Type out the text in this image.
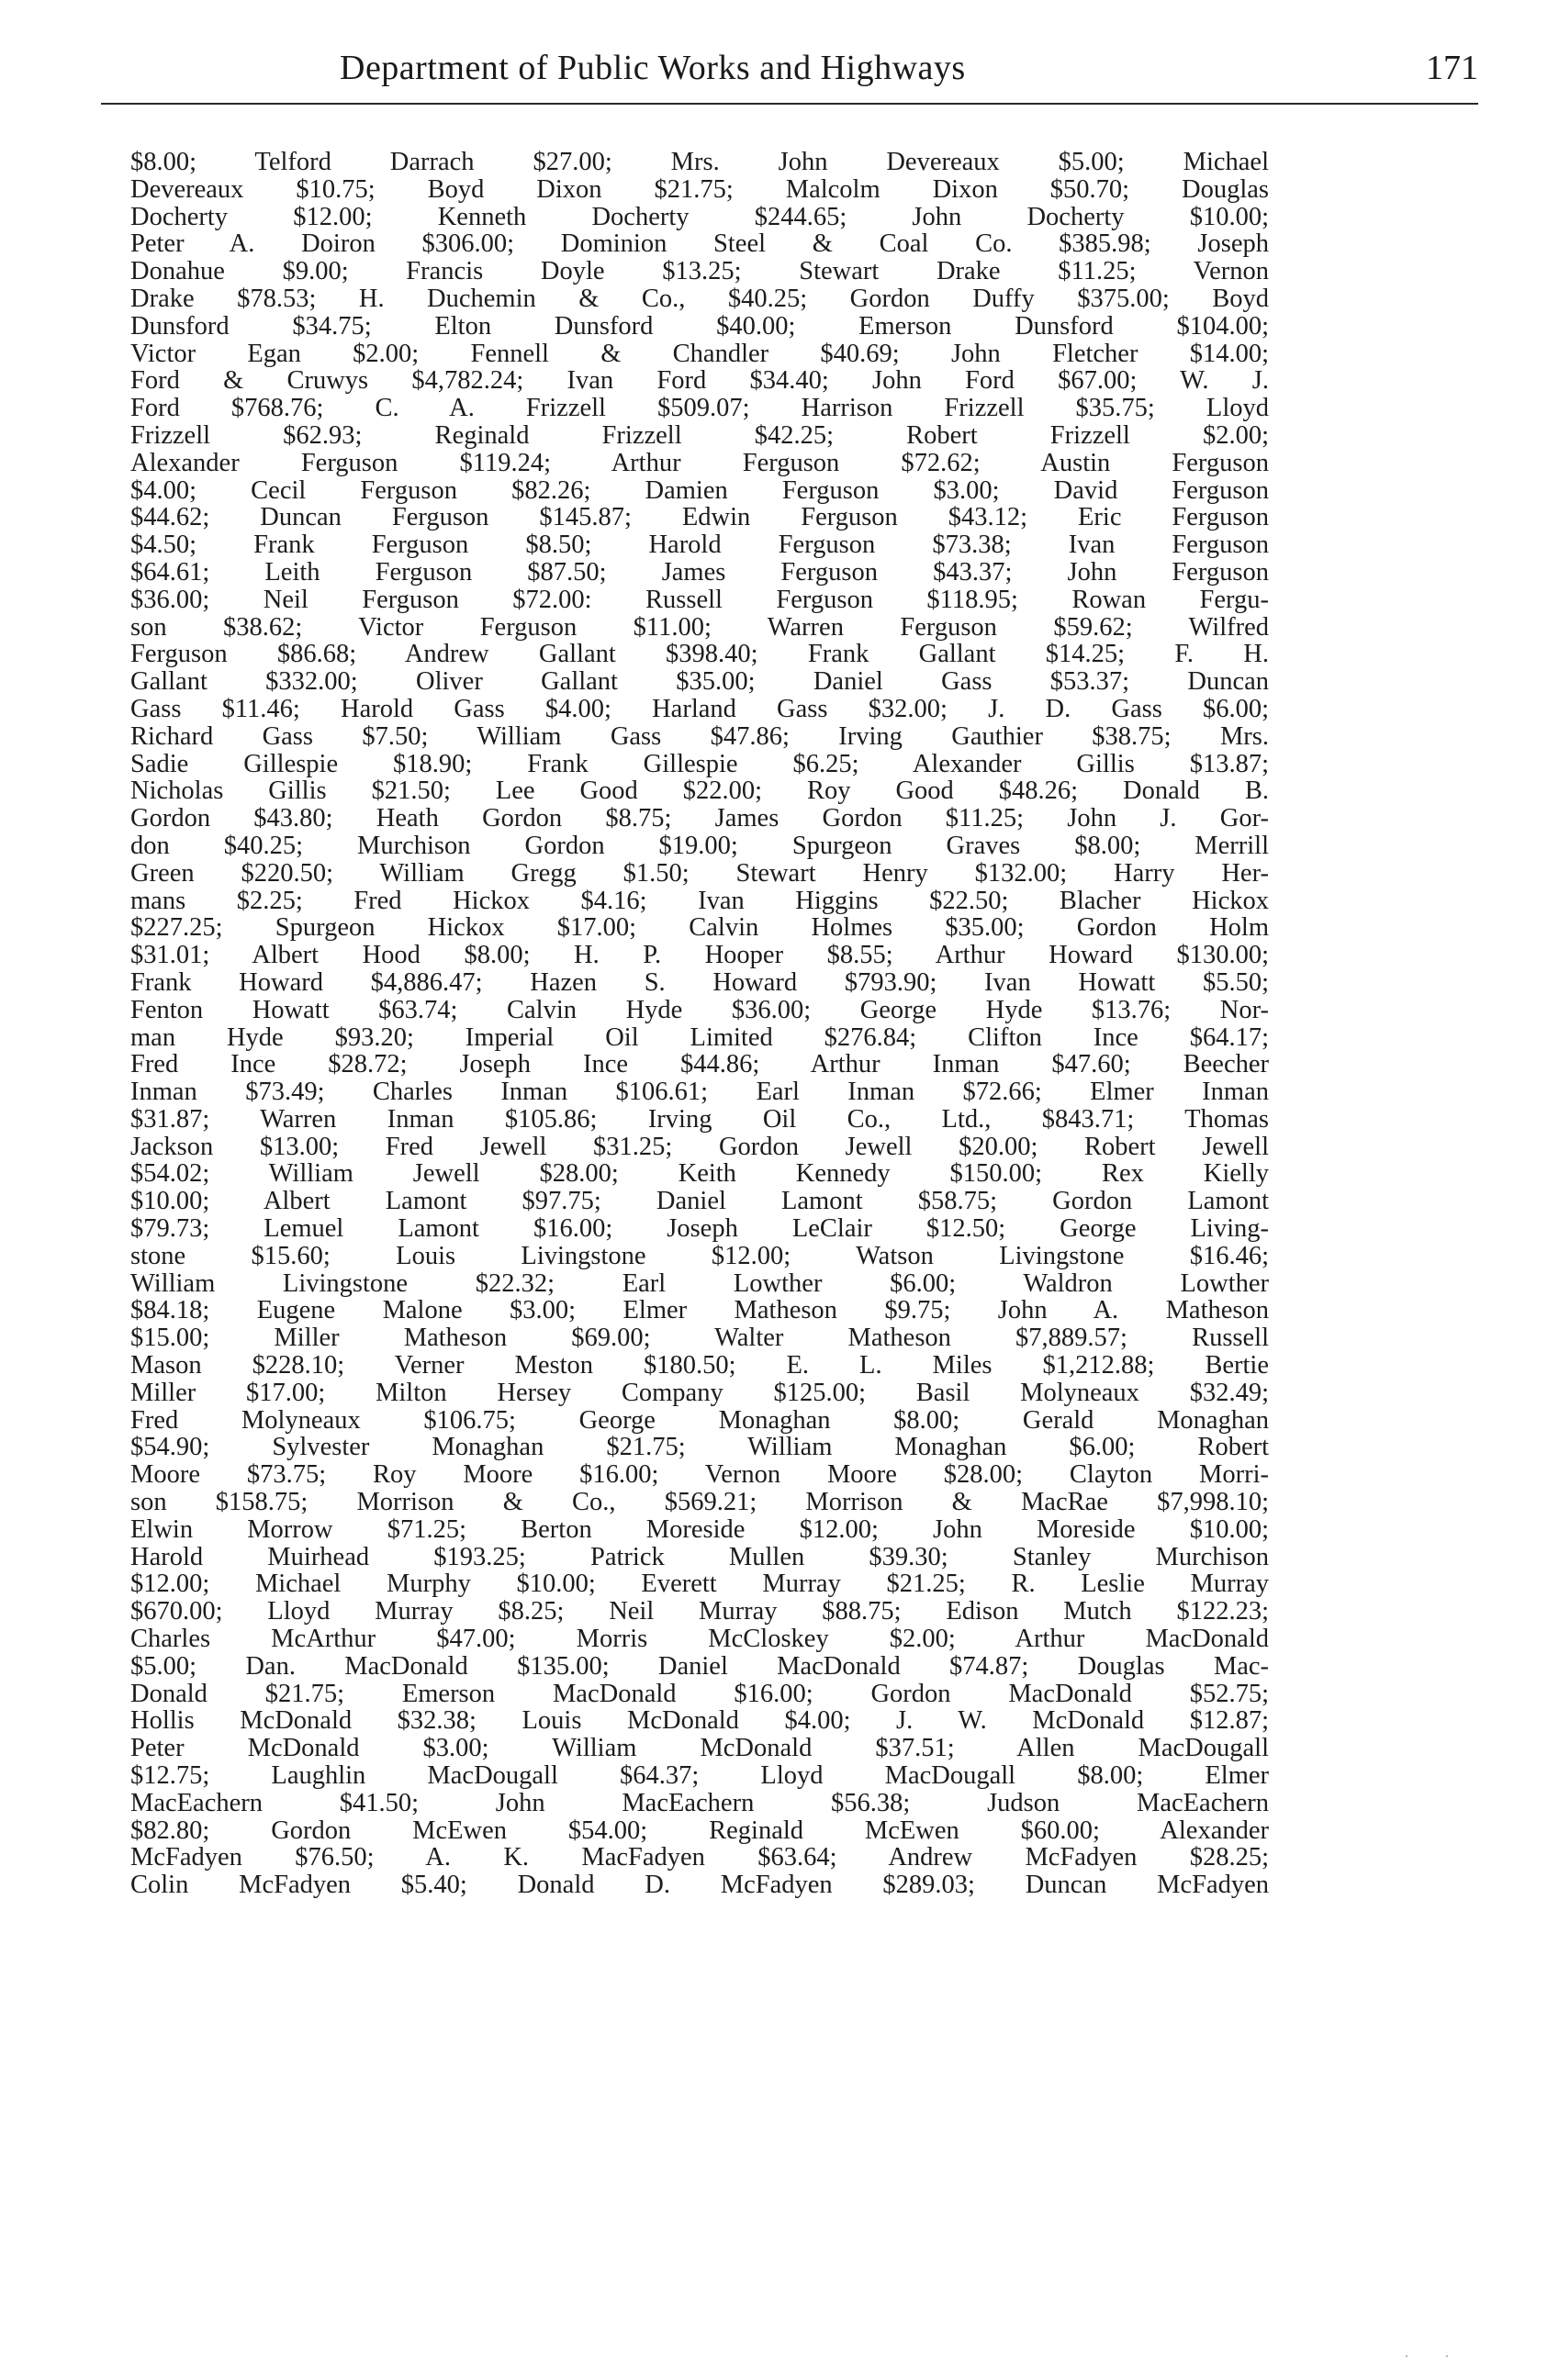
Department of Public Works and Highways	171
$8.00; Telford Darrach $27.00; Mrs. John Devereaux $5.00; Michael
Devereaux $10.75; Boyd Dixon $21.75; Malcolm Dixon $50.70; Douglas
Docherty $12.00; Kenneth Docherty $244.65; John Docherty $10.00;
Peter A. Doiron $306.00; Dominion Steel & Coal Co. $385.98; Joseph
Donahue $9.00; Francis Doyle $13.25; Stewart Drake $11.25; Vernon
Drake $78.53; H. Duchemin & Co., $40.25; Gordon Duffy $375.00; Boyd
Dunsford $34.75; Elton Dunsford $40.00; Emerson Dunsford $104.00;
Victor Egan $2.00; Fennell & Chandler $40.69; John Fletcher $14.00;
Ford & Cruwys $4,782.24; Ivan Ford $34.40; John Ford $67.00; W. J.
Ford $768.76; C. A. Frizzell $509.07; Harrison Frizzell $35.75; Lloyd
Frizzell $62.93; Reginald Frizzell $42.25; Robert Frizzell $2.00;
Alexander Ferguson $119.24; Arthur Ferguson $72.62; Austin Ferguson
$4.00; Cecil Ferguson $82.26; Damien Ferguson $3.00; David Ferguson
$44.62; Duncan Ferguson $145.87; Edwin Ferguson $43.12; Eric Ferguson
$4.50; Frank Ferguson $8.50; Harold Ferguson $73.38; Ivan Ferguson
$64.61; Leith Ferguson $87.50; James Ferguson $43.37; John Ferguson
$36.00; Neil Ferguson $72.00: Russell Ferguson $118.95; Rowan Fergu-
son $38.62; Victor Ferguson $11.00; Warren Ferguson $59.62; Wilfred
Ferguson $86.68; Andrew Gallant $398.40; Frank Gallant $14.25; F. H.
Gallant $332.00; Oliver Gallant $35.00; Daniel Gass $53.37; Duncan
Gass $11.46; Harold Gass $4.00; Harland Gass $32.00; J. D. Gass $6.00;
Richard Gass $7.50; William Gass $47.86; Irving Gauthier $38.75; Mrs.
Sadie Gillespie $18.90; Frank Gillespie $6.25; Alexander Gillis $13.87;
Nicholas Gillis $21.50; Lee Good $22.00; Roy Good $48.26; Donald B.
Gordon $43.80; Heath Gordon $8.75; James Gordon $11.25; John J. Gor-
don $40.25; Murchison Gordon $19.00; Spurgeon Graves $8.00; Merrill
Green $220.50; William Gregg $1.50; Stewart Henry $132.00; Harry Her-
mans $2.25; Fred Hickox $4.16; Ivan Higgins $22.50; Blacher Hickox
$227.25; Spurgeon Hickox $17.00; Calvin Holmes $35.00; Gordon Holm
$31.01; Albert Hood $8.00; H. P. Hooper $8.55; Arthur Howard $130.00;
Frank Howard $4,886.47; Hazen S. Howard $793.90; Ivan Howatt $5.50;
Fenton Howatt $63.74; Calvin Hyde $36.00; George Hyde $13.76; Nor-
man Hyde $93.20; Imperial Oil Limited $276.84; Clifton Ince $64.17;
Fred Ince $28.72; Joseph Ince $44.86; Arthur Inman $47.60; Beecher
Inman $73.49; Charles Inman $106.61; Earl Inman $72.66; Elmer Inman
$31.87; Warren Inman $105.86; Irving Oil Co., Ltd., $843.71; Thomas
Jackson $13.00; Fred Jewell $31.25; Gordon Jewell $20.00; Robert Jewell
$54.02; William Jewell $28.00; Keith Kennedy $150.00; Rex Kielly
$10.00; Albert Lamont $97.75; Daniel Lamont $58.75; Gordon Lamont
$79.73; Lemuel Lamont $16.00; Joseph LeClair $12.50; George Living-
stone $15.60; Louis Livingstone $12.00; Watson Livingstone $16.46;
William Livingstone $22.32; Earl Lowther $6.00; Waldron Lowther
$84.18; Eugene Malone $3.00; Elmer Matheson $9.75; John A. Matheson
$15.00; Miller Matheson $69.00; Walter Matheson $7,889.57; Russell
Mason $228.10; Verner Meston $180.50; E. L. Miles $1,212.88; Bertie
Miller $17.00; Milton Hersey Company $125.00; Basil Molyneaux $32.49;
Fred Molyneaux $106.75; George Monaghan $8.00; Gerald Monaghan
$54.90; Sylvester Monaghan $21.75; William Monaghan $6.00; Robert
Moore $73.75; Roy Moore $16.00; Vernon Moore $28.00; Clayton Morri-
son $158.75; Morrison & Co., $569.21; Morrison & MacRae $7,998.10;
Elwin Morrow $71.25; Berton Moreside $12.00; John Moreside $10.00;
Harold Muirhead $193.25; Patrick Mullen $39.30; Stanley Murchison
$12.00; Michael Murphy $10.00; Everett Murray $21.25; R. Leslie Murray
$670.00; Lloyd Murray $8.25; Neil Murray $88.75; Edison Mutch $122.23;
Charles McArthur $47.00; Morris McCloskey $2.00; Arthur MacDonald
$5.00; Dan. MacDonald $135.00; Daniel MacDonald $74.87; Douglas Mac-
Donald $21.75; Emerson MacDonald $16.00; Gordon MacDonald $52.75;
Hollis McDonald $32.38; Louis McDonald $4.00; J. W. McDonald $12.87;
Peter McDonald $3.00; William McDonald $37.51; Allen MacDougall
$12.75; Laughlin MacDougall $64.37; Lloyd MacDougall $8.00; Elmer
MacEachern $41.50; John MacEachern $56.38; Judson MacEachern
$82.80; Gordon McEwen $54.00; Reginald McEwen $60.00; Alexander
McFadyen $76.50; A. K. MacFadyen $63.64; Andrew McFadyen $28.25;
Colin McFadyen $5.40; Donald D. McFadyen $289.03; Duncan McFadyen
. .
